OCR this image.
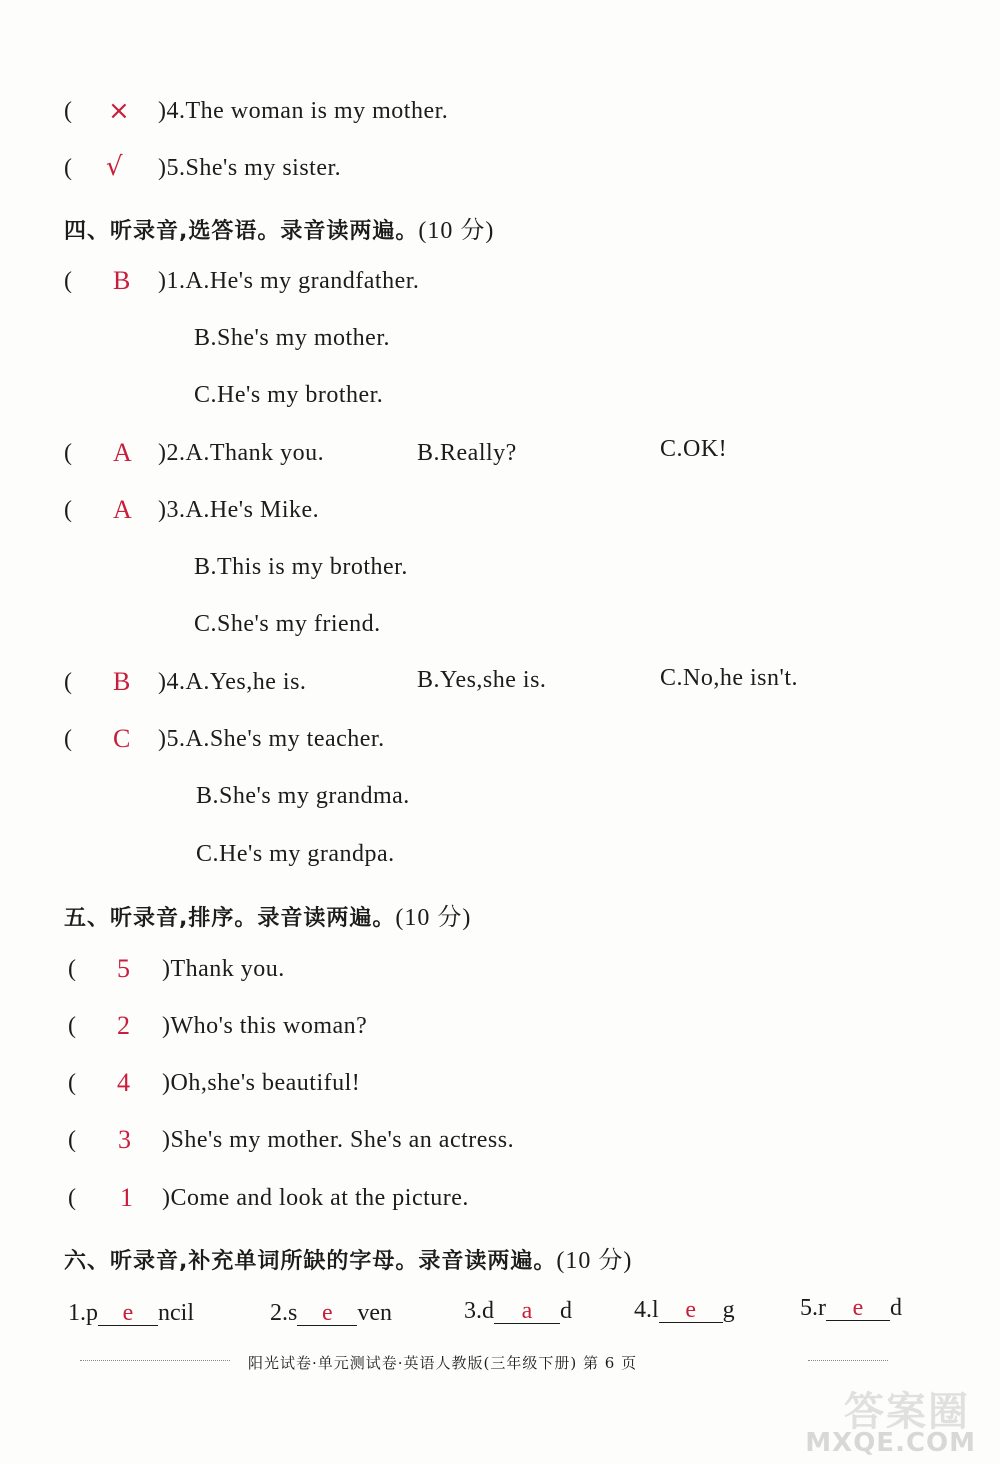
( × )4.The woman is my mother.
( √ )5.She's my sister.
四、听录音,选答语。录音读两遍。(10 分)
( B )1.A.He's my grandfather.
B.She's my mother.
C.He's my brother.
( A )2.A.Thank you.	B.Really?	C.OK!
( A )3.A.He's Mike.
B.This is my brother.
C.She's my friend.
( B )4.A.Yes,he is.	B.Yes,she is.	C.No,he isn't.
( C )5.A.She's my teacher.
B.She's my grandma.
C.He's my grandpa.
五、听录音,排序。录音读两遍。(10 分)
( 5 )Thank you.
( 2 )Who's this woman?
( 4 )Oh,she's beautiful!
( 3 )She's my mother. She's an actress.
( 1 )Come and look at the picture.
六、听录音,补充单词所缺的字母。录音读两遍。(10 分)
1.p e ncil	2.s e ven	3.d a d	4.l e g	5.r e d
阳光试卷·单元测试卷·英语人教版(三年级下册) 第 6 页
答案圈
MXQE.COM
